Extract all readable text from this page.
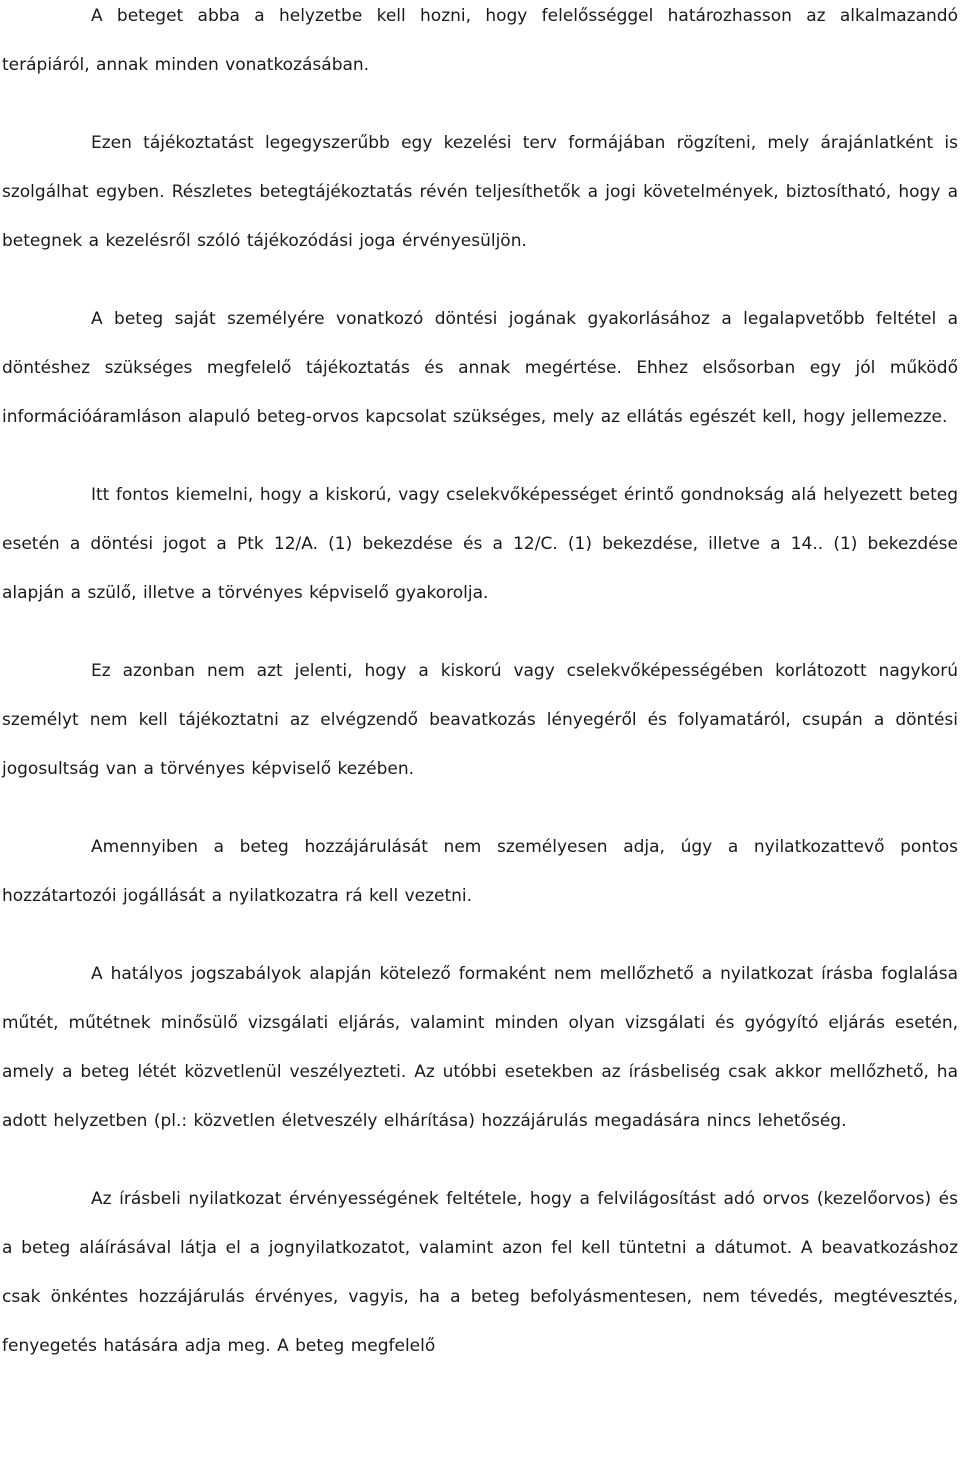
A beteget abba a helyzetbe kell hozni, hogy felelősséggel határozhasson az alkalmazandó terápiáról, annak minden vonatkozásában.

Ezen tájékoztatást legegyszerűbb egy kezelési terv formájában rögzíteni, mely árajánlatként is szolgálhat egyben. Részletes betegtájékoztatás révén teljesíthetők a jogi követelmények, biztosítható, hogy a betegnek a kezelésről szóló tájékozódási joga érvényesüljön.

A beteg saját személyére vonatkozó döntési jogának gyakorlásához a legalapvetőbb feltétel a döntéshez szükséges megfelelő tájékoztatás és annak megértése. Ehhez elsősorban egy jól működő információáramláson alapuló beteg-orvos kapcsolat szükséges, mely az ellátás egészét kell, hogy jellemezze.

Itt fontos kiemelni, hogy a kiskorú, vagy cselekvőképességet érintő gondnokság alá helyezett beteg esetén a döntési jogot a Ptk 12/A. (1) bekezdése és a 12/C. (1) bekezdése, illetve a 14.. (1) bekezdése alapján a szülő, illetve a törvényes képviselő gyakorolja.

Ez azonban nem azt jelenti, hogy a kiskorú vagy cselekvőképességében korlátozott nagykorú személyt nem kell tájékoztatni az elvégzendő beavatkozás lényegéről és folyamatáról, csupán a döntési jogosultság van a törvényes képviselő kezében.

Amennyiben a beteg hozzájárulását nem személyesen adja, úgy a nyilatkozattevő pontos hozzátartozói jogállását a nyilatkozatra rá kell vezetni.

A hatályos jogszabályok alapján kötelező formaként nem mellőzhető a nyilatkozat írásba foglalása műtét, műtétnek minősülő vizsgálati eljárás, valamint minden olyan vizsgálati és gyógyító eljárás esetén, amely a beteg létét közvetlenül veszélyezteti. Az utóbbi esetekben az írásbeliség csak akkor mellőzhető, ha adott helyzetben (pl.: közvetlen életveszély elhárítása) hozzájárulás megadására nincs lehetőség.

Az írásbeli nyilatkozat érvényességének feltétele, hogy a felvilágosítást adó orvos (kezelőorvos) és a beteg aláírásával látja el a jognyilatkozatot, valamint azon fel kell tüntetni a dátumot. A beavatkozáshoz csak önkéntes hozzájárulás érvényes, vagyis, ha a beteg befolyásmentesen, nem tévedés, megtévesztés, fenyegetés hatására adja meg. A beteg megfelelő
